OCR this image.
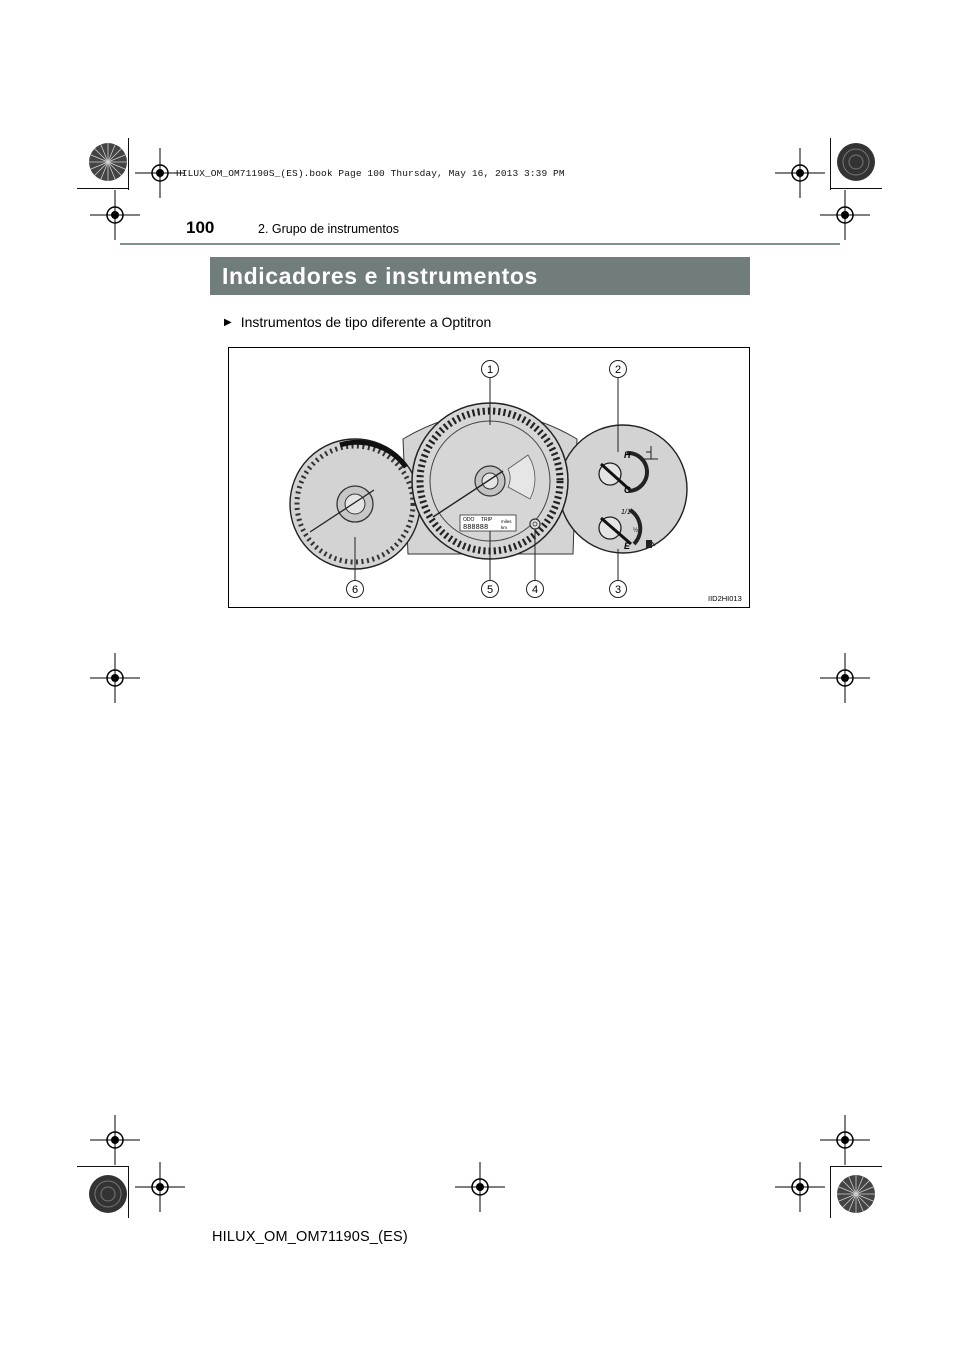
HILUX_OM_OM71190S_(ES).book Page 100 Thursday, May 16, 2013 3:39 PM
100	2. Grupo de instrumentos
Indicadores e instrumentos
▶ Instrumentos de tipo diferente a Optitron
ODO TRIP
888888
miles
km
H
C
1/1
½
E
1	2
3
4
5
6
IID2HI013
HILUX_OM_OM71190S_(ES)
